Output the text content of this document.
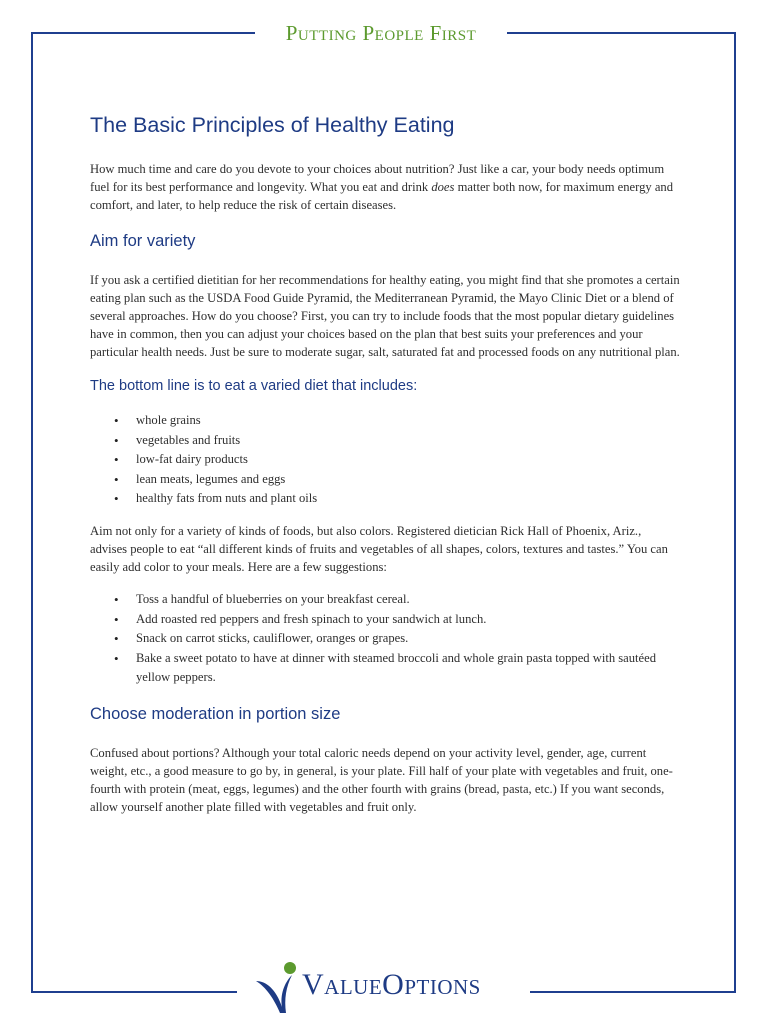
Putting People First
The Basic Principles of Healthy Eating

How much time and care do you devote to your choices about nutrition? Just like a car, your body needs optimum fuel for its best performance and longevity. What you eat and drink does matter both now, for maximum energy and comfort, and later, to help reduce the risk of certain diseases.

Aim for variety

If you ask a certified dietitian for her recommendations for healthy eating, you might find that she promotes a certain eating plan such as the USDA Food Guide Pyramid, the Mediterranean Pyramid, the Mayo Clinic Diet or a blend of several approaches. How do you choose? First, you can try to include foods that the most popular dietary guidelines have in common, then you can adjust your choices based on the plan that best suits your preferences and your particular health needs. Just be sure to moderate sugar, salt, saturated fat and processed foods on any nutritional plan.

The bottom line is to eat a varied diet that includes:
• whole grains
• vegetables and fruits
• low-fat dairy products
• lean meats, legumes and eggs
• healthy fats from nuts and plant oils

Aim not only for a variety of kinds of foods, but also colors. Registered dietician Rick Hall of Phoenix, Ariz., advises people to eat “all different kinds of fruits and vegetables of all shapes, colors, textures and tastes.” You can easily add color to your meals. Here are a few suggestions:

• Toss a handful of blueberries on your breakfast cereal.
• Add roasted red peppers and fresh spinach to your sandwich at lunch.
• Snack on carrot sticks, cauliflower, oranges or grapes.
• Bake a sweet potato to have at dinner with steamed broccoli and whole grain pasta topped with sautéed yellow peppers.
Choose moderation in portion size

Confused about portions? Although your total caloric needs depend on your activity level, gender, age, current weight, etc., a good measure to go by, in general, is your plate. Fill half of your plate with vegetables and fruit, one-fourth with protein (meat, eggs, legumes) and the other fourth with grains (bread, pasta, etc.) If you want seconds, allow yourself another plate filled with vegetables and fruit only.

ValueOptions
